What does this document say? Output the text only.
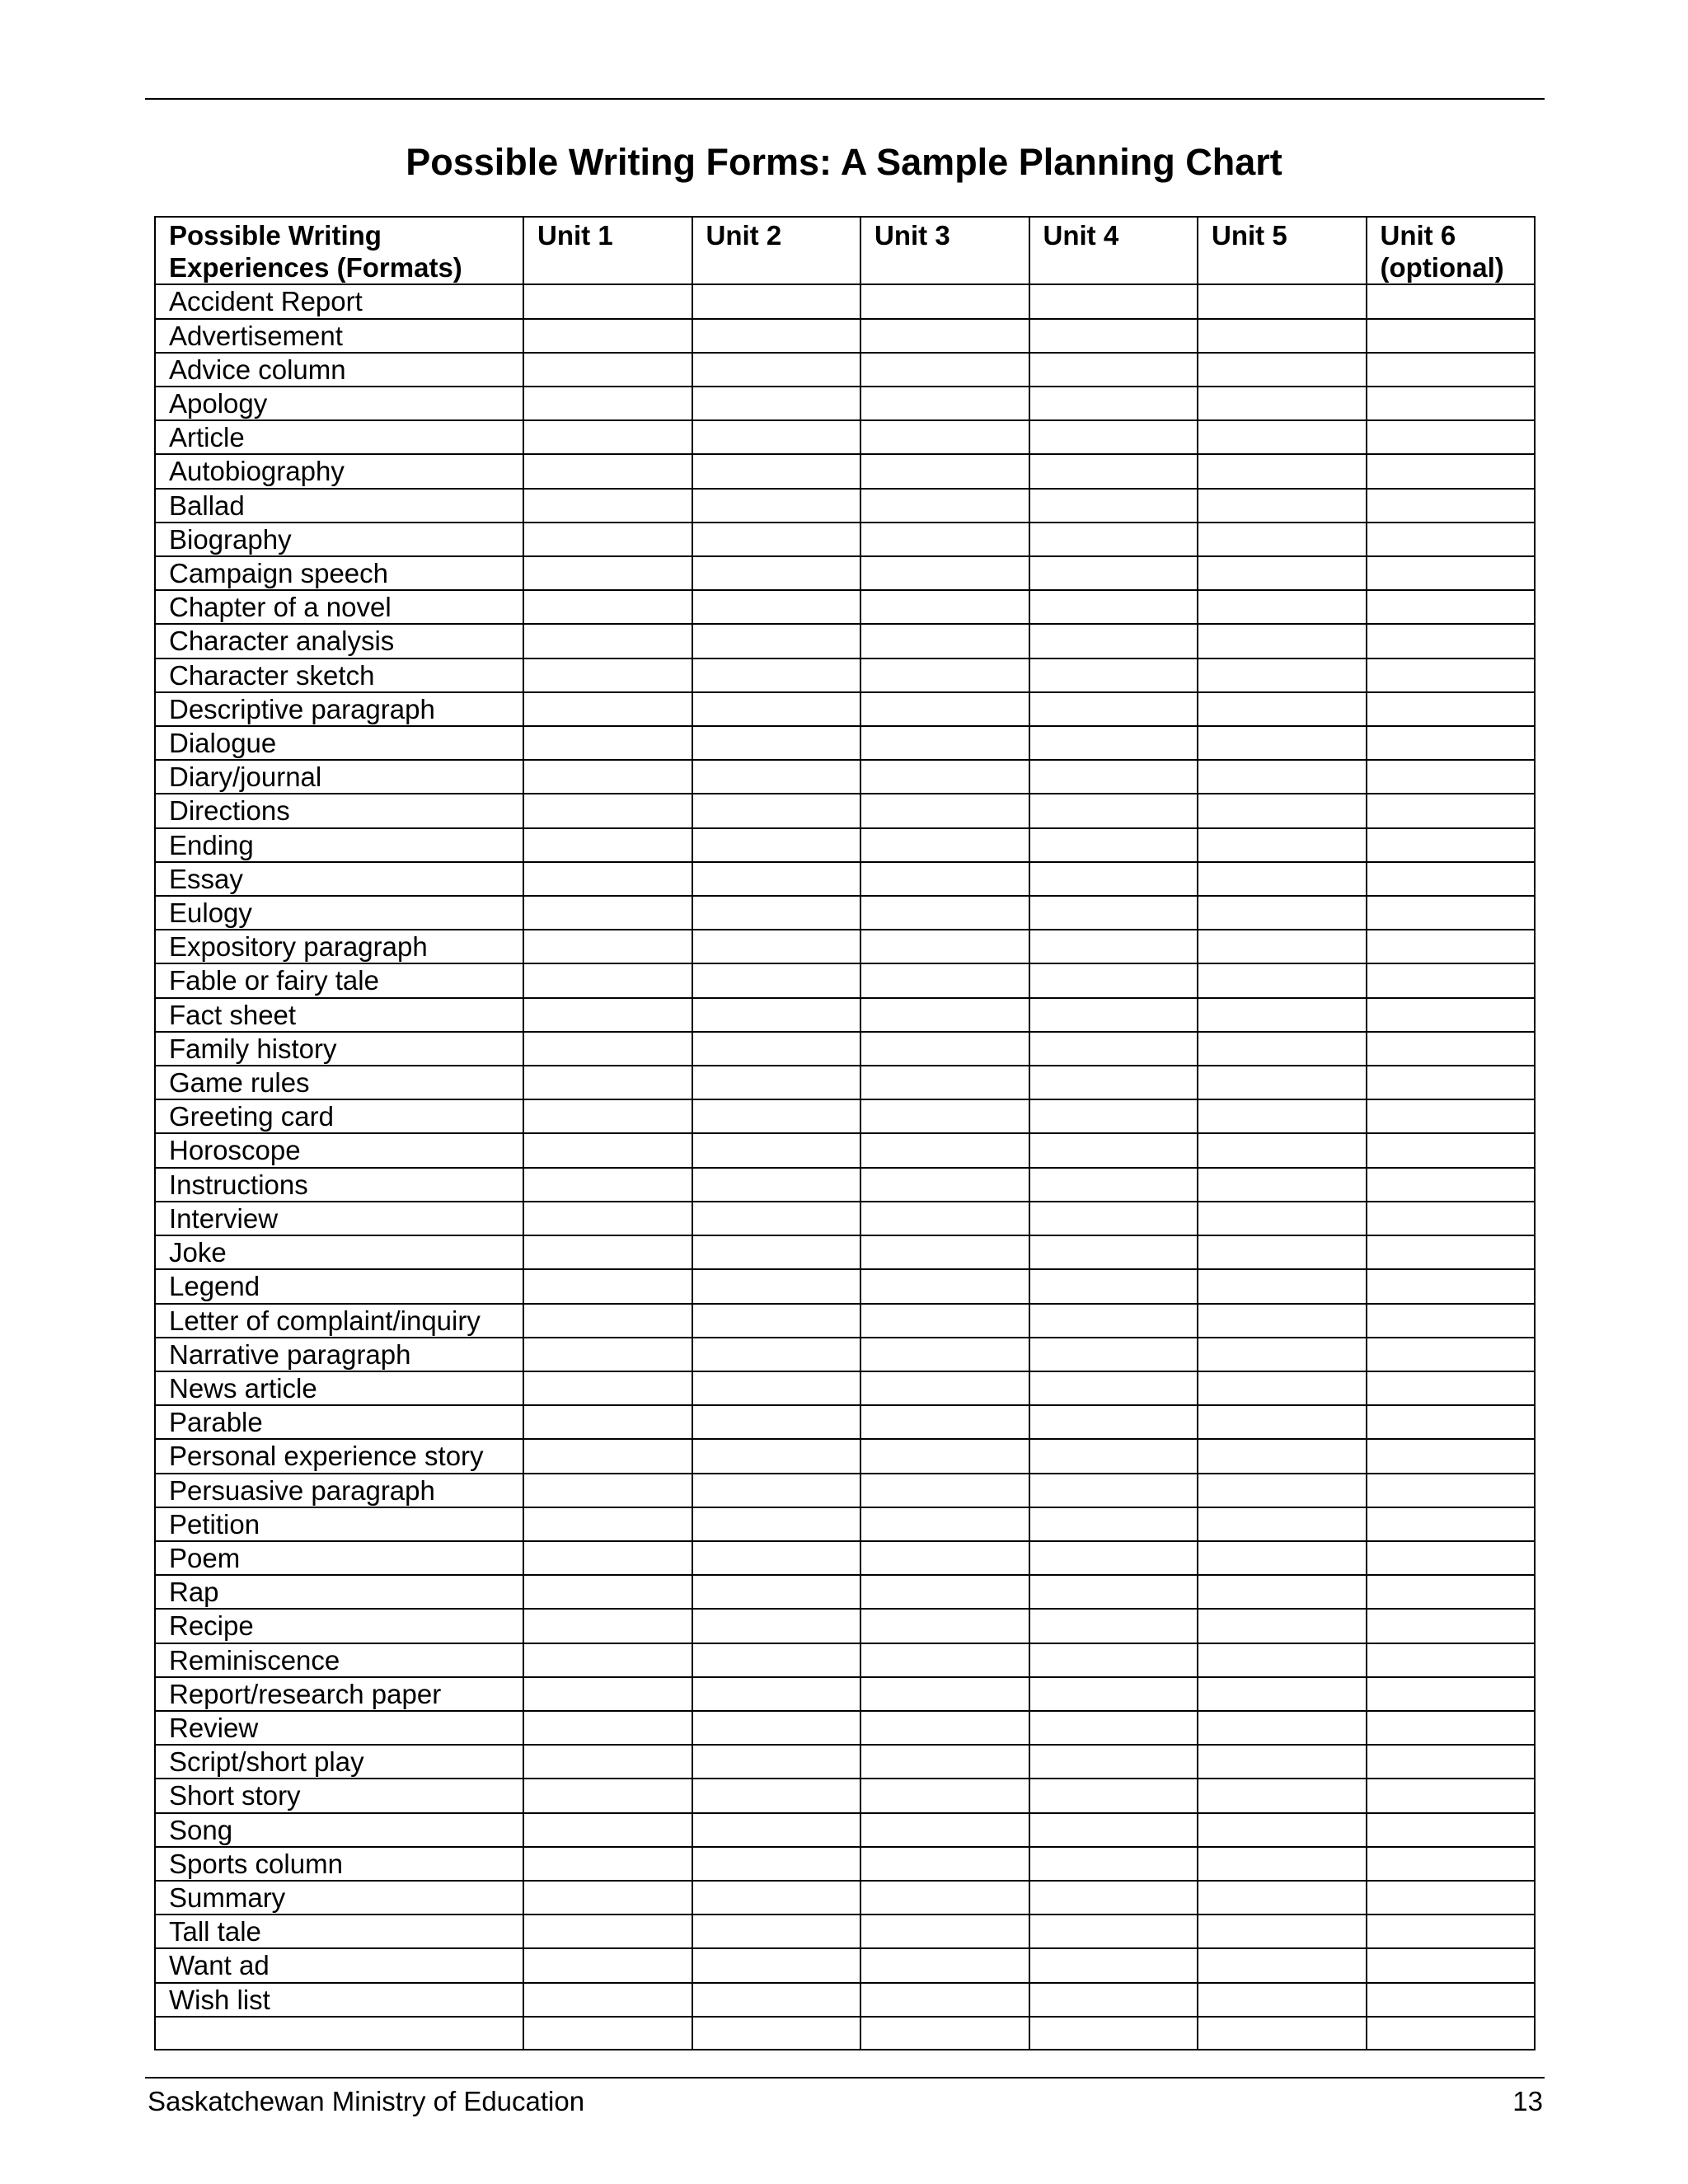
Possible Writing Forms: A Sample Planning Chart
Possible Writing Experiences (Formats)	Unit 1	Unit 2	Unit 3	Unit 4	Unit 5	Unit 6 (optional)
Accident Report						
Advertisement						
Advice column						
Apology						
Article						
Autobiography						
Ballad						
Biography						
Campaign speech						
Chapter of a novel						
Character analysis						
Character sketch						
Descriptive paragraph						
Dialogue						
Diary/journal						
Directions						
Ending						
Essay						
Eulogy						
Expository paragraph						
Fable or fairy tale						
Fact sheet						
Family history						
Game rules						
Greeting card						
Horoscope						
Instructions						
Interview						
Joke						
Legend						
Letter of complaint/inquiry						
Narrative paragraph						
News article						
Parable						
Personal experience story						
Persuasive paragraph						
Petition						
Poem						
Rap						
Recipe						
Reminiscence						
Report/research paper						
Review						
Script/short play						
Short story						
Song						
Sports column						
Summary						
Tall tale						
Want ad						
Wish list						

Saskatchewan Ministry of Education	13
